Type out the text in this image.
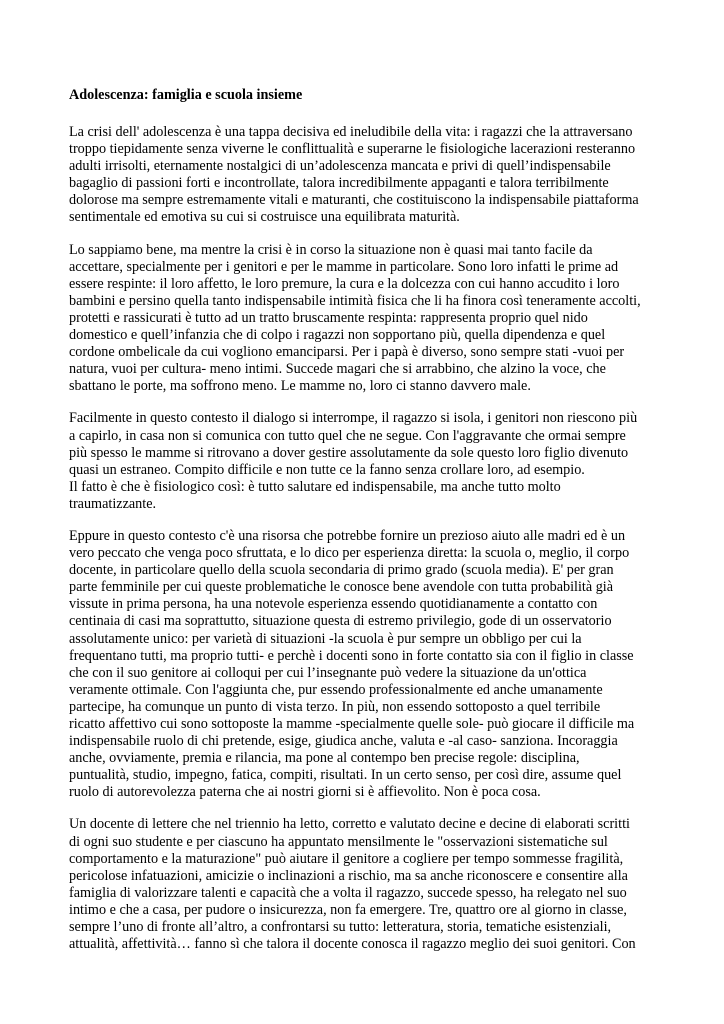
Adolescenza: famiglia e scuola insieme
La crisi dell' adolescenza è una tappa decisiva ed ineludibile della vita: i ragazzi che la attraversano
troppo tiepidamente senza viverne le conflittualità e superarne le fisiologiche lacerazioni resteranno
adulti irrisolti, eternamente nostalgici di un’adolescenza mancata e privi di quell’indispensabile
bagaglio di passioni forti e incontrollate, talora incredibilmente appaganti e talora terribilmente
dolorose ma sempre estremamente vitali e maturanti, che costituiscono la indispensabile piattaforma
sentimentale ed emotiva su cui si costruisce una equilibrata maturità.
Lo sappiamo bene, ma mentre la crisi è in corso la situazione non è quasi mai tanto facile da
accettare, specialmente per i genitori e per le mamme in particolare. Sono loro infatti le prime ad
essere respinte: il loro affetto, le loro premure, la cura e la dolcezza con cui hanno accudito i loro
bambini e persino quella tanto indispensabile intimità fisica che li ha finora così teneramente accolti,
protetti e rassicurati è tutto ad un tratto bruscamente respinta: rappresenta proprio quel nido
domestico e quell’infanzia che di colpo i ragazzi non sopportano più, quella dipendenza e quel
cordone ombelicale da cui vogliono emanciparsi. Per i papà è diverso, sono sempre stati -vuoi per
natura, vuoi per cultura- meno intimi. Succede magari che si arrabbino, che alzino la voce, che
sbattano le porte, ma soffrono meno. Le mamme no, loro ci stanno davvero male.
Facilmente in questo contesto il dialogo si interrompe, il ragazzo si isola, i genitori non riescono più
a capirlo, in casa non si comunica con tutto quel che ne segue. Con l'aggravante che ormai sempre
più spesso le mamme si ritrovano a dover gestire assolutamente da sole questo loro figlio divenuto
quasi un estraneo. Compito difficile e non tutte ce la fanno senza crollare loro, ad esempio.
Il fatto è che è fisiologico così: è tutto salutare ed indispensabile, ma anche tutto molto
traumatizzante.
Eppure in questo contesto c'è una risorsa che potrebbe fornire un prezioso aiuto alle madri ed è un
vero peccato che venga poco sfruttata, e lo dico per esperienza diretta: la scuola o, meglio, il corpo
docente, in particolare quello della scuola secondaria di primo grado (scuola media). E' per gran
parte femminile per cui queste problematiche le conosce bene avendole con tutta probabilità già
vissute in prima persona, ha una notevole esperienza essendo quotidianamente a contatto con
centinaia di casi ma soprattutto, situazione questa di estremo privilegio, gode di un osservatorio
assolutamente unico: per varietà di situazioni -la scuola è pur sempre un obbligo per cui la
frequentano tutti, ma proprio tutti- e perchè i docenti sono in forte contatto sia con il figlio in classe
che con il suo genitore ai colloqui per cui l’insegnante può vedere la situazione da un'ottica
veramente ottimale. Con l'aggiunta che, pur essendo professionalmente ed anche umanamente
partecipe, ha comunque un punto di vista terzo. In più, non essendo sottoposto a quel terribile
ricatto affettivo cui sono sottoposte la mamme -specialmente quelle sole- può giocare il difficile ma
indispensabile ruolo di chi pretende, esige, giudica anche, valuta e -al caso- sanziona. Incoraggia
anche, ovviamente, premia e rilancia, ma pone al contempo ben precise regole: disciplina,
puntualità, studio, impegno, fatica, compiti, risultati. In un certo senso, per così dire, assume quel
ruolo di autorevolezza paterna che ai nostri giorni si è affievolito. Non è poca cosa.
Un docente di lettere che nel triennio ha letto, corretto e valutato decine e decine di elaborati scritti
di ogni suo studente e per ciascuno ha appuntato mensilmente le "osservazioni sistematiche sul
comportamento e la maturazione" può aiutare il genitore a cogliere per tempo sommesse fragilità,
pericolose infatuazioni, amicizie o inclinazioni a rischio, ma sa anche riconoscere e consentire alla
famiglia di valorizzare talenti e capacità che a volta il ragazzo, succede spesso, ha relegato nel suo
intimo e che a casa, per pudore o insicurezza, non fa emergere. Tre, quattro ore al giorno in classe,
sempre l’uno di fronte all’altro, a confrontarsi su tutto: letteratura, storia, tematiche esistenziali,
attualità, affettività… fanno sì che talora il docente conosca il ragazzo meglio dei suoi genitori. Con
